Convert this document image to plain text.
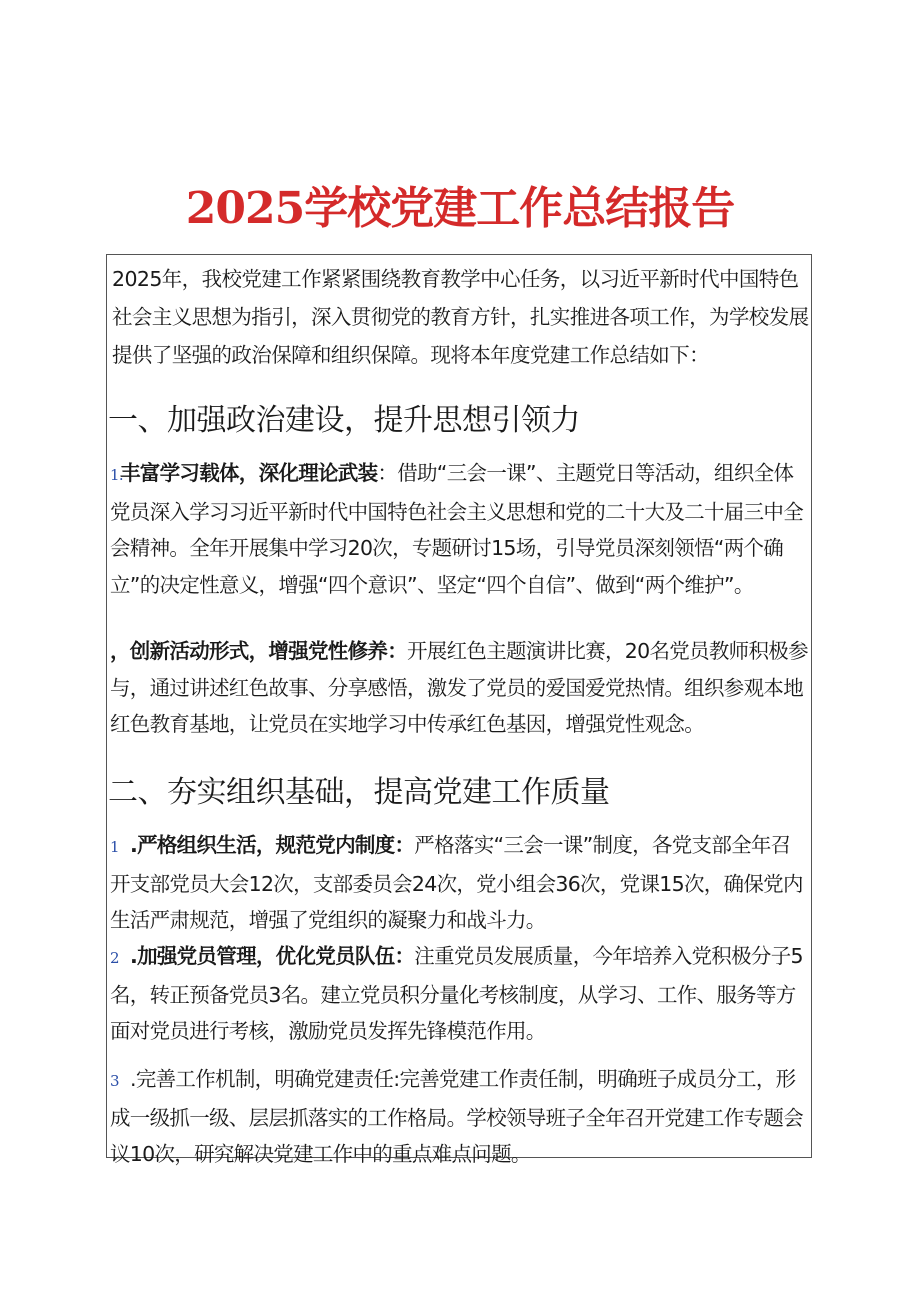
2025学校党建工作总结报告

2025年，我校党建工作紧紧围绕教育教学中心任务，以习近平新时代中国特色社会主义思想为指引，深入贯彻党的教育方针，扎实推进各项工作，为学校发展提供了坚强的政治保障和组织保障。现将本年度党建工作总结如下：

一、加强政治建设，提升思想引领力

1.丰富学习载体，深化理论武装：借助“三会一课”、主题党日等活动，组织全体党员深入学习习近平新时代中国特色社会主义思想和党的二十大及二十届三中全会精神。全年开展集中学习20次，专题研讨15场，引导党员深刻领悟“两个确立”的决定性意义，增强“四个意识”、坚定“四个自信”、做到“两个维护”。

，创新活动形式，增强党性修养：开展红色主题演讲比赛，20名党员教师积极参与，通过讲述红色故事、分享感悟，激发了党员的爱国爱党热情。组织参观本地红色教育基地，让党员在实地学习中传承红色基因，增强党性观念。

二、夯实组织基础，提高党建工作质量

1 .严格组织生活，规范党内制度：严格落实“三会一课”制度，各党支部全年召开支部党员大会12次，支部委员会24次，党小组会36次，党课15次，确保党内生活严肃规范，增强了党组织的凝聚力和战斗力。

2 .加强党员管理，优化党员队伍：注重党员发展质量，今年培养入党积极分子5名，转正预备党员3名。建立党员积分量化考核制度，从学习、工作、服务等方面对党员进行考核，激励党员发挥先锋模范作用。

3 .完善工作机制，明确党建责任:完善党建工作责任制，明确班子成员分工，形成一级抓一级、层层抓落实的工作格局。学校领导班子全年召开党建工作专题会议10次，研究解决党建工作中的重点难点问题。
